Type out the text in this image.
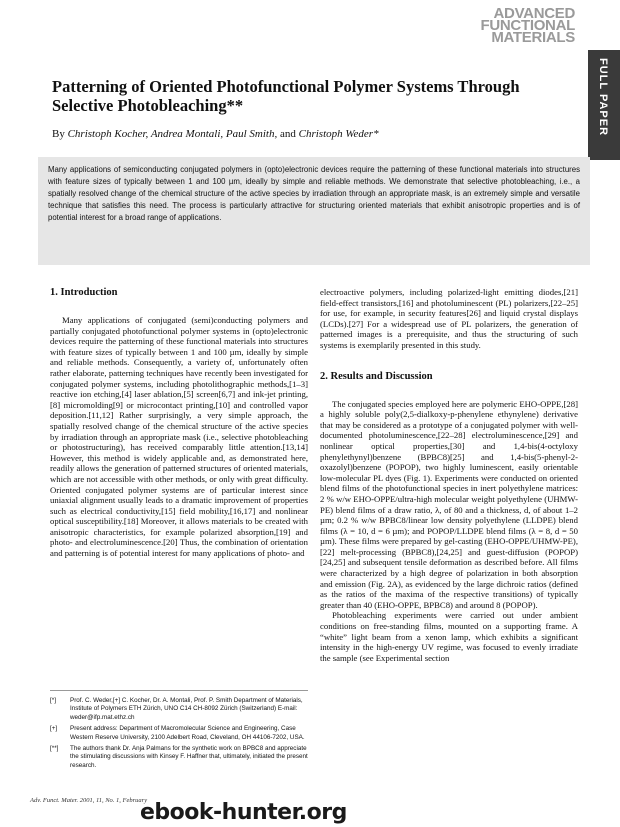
ADVANCED
FUNCTIONAL
MATERIALS
FULL PAPER
Patterning of Oriented Photofunctional Polymer Systems Through Selective Photobleaching**
By Christoph Kocher, Andrea Montali, Paul Smith, and Christoph Weder*

Many applications of semiconducting conjugated polymers in (opto)electronic devices require the patterning of these functional materials into structures with feature sizes of typically between 1 and 100 µm, ideally by simple and reliable methods. We demonstrate that selective photobleaching, i.e., a spatially resolved change of the chemical structure of the active species by irradiation through an appropriate mask, is an extremely simple and versatile technique that satisfies this need. The process is particularly attractive for structuring oriented materials that exhibit anisotropic properties and is of potential interest for a broad range of applications.

1. Introduction

Many applications of conjugated (semi)conducting polymers and partially conjugated photofunctional polymer systems in (opto)electronic devices require the patterning of these functional materials into structures with feature sizes of typically between 1 and 100 µm, ideally by simple and reliable methods. Consequently, a variety of, unfortunately often rather elaborate, patterning techniques have recently been investigated for conjugated polymer systems, including photolithographic methods,[1–3] reactive ion etching,[4] laser ablation,[5] screen[6,7] and ink-jet printing,[8] micromolding[9] or microcontact printing,[10] and controlled vapor deposition.[11,12] Rather surprisingly, a very simple approach, the spatially resolved change of the chemical structure of the active species by irradiation through an appropriate mask (i.e., selective photobleaching or photostructuring), has received comparably little attention.[13,14] However, this method is widely applicable and, as demonstrated here, readily allows the generation of patterned structures of oriented materials, which are not accessible with other methods, or only with great difficulty. Oriented conjugated polymer systems are of particular interest since uniaxial alignment usually leads to a dramatic improvement of properties such as electrical conductivity,[15] field mobility,[16,17] and nonlinear optical susceptibility.[18] Moreover, it allows materials to be created with anisotropic characteristics, for example polarized absorption,[19] and photo- and electroluminescence.[20] Thus, the combination of orientation and patterning is of potential interest for many applications of photo- and

electroactive polymers, including polarized-light emitting diodes,[21] field-effect transistors,[16] and photoluminescent (PL) polarizers,[22–25] for use, for example, in security features[26] and liquid crystal displays (LCDs).[27] For a widespread use of PL polarizers, the generation of patterned images is a prerequisite, and thus the structuring of such systems is exemplarily presented in this study.

2. Results and Discussion

The conjugated species employed here are polymeric EHO-OPPE,[28] a highly soluble poly(2,5-dialkoxy-p-phenylene ethynylene) derivative that may be considered as a prototype of a conjugated polymer with well-documented photoluminescence,[22–28] electroluminescence,[29] and nonlinear optical properties,[30] and 1,4-bis(4-octyloxy phenylethynyl)benzene (BPBC8)[25] and 1,4-bis(5-phenyl-2-oxazolyl)benzene (POPOP), two highly luminescent, easily orientable low-molecular PL dyes (Fig. 1). Experiments were conducted on oriented blend films of the photofunctional species in inert polyethylene matrices: 2 % w/w EHO-OPPE/ultra-high molecular weight polyethylene (UHMW-PE) blend films of a draw ratio, λ, of 80 and a thickness, d, of about 1–2 µm; 0.2 % w/w BPBC8/linear low density polyethylene (LLDPE) blend films (λ = 10, d = 6 µm); and POPOP/LLDPE blend films (λ = 8, d = 50 µm). These films were prepared by gel-casting (EHO-OPPE/UHMW-PE),[22] melt-processing (BPBC8),[24,25] and guest-diffusion (POPOP)[24,25] and subsequent tensile deformation as described before. All films were characterized by a high degree of polarization in both absorption and emission (Fig. 2A), as evidenced by the large dichroic ratios (defined as the ratios of the maxima of the respective transitions) of typically greater than 40 (EHO-OPPE, BPBC8) and around 8 (POPOP).

Photobleaching experiments were carried out under ambient conditions on free-standing films, mounted on a supporting frame. A “white” light beam from a xenon lamp, which exhibits a significant intensity in the high-energy UV regime, was focused to evenly irradiate the sample (see Experimental section

[*]	Prof. C. Weder,[+] C. Kocher, Dr. A. Montali, Prof. P. Smith Department of Materials, Institute of Polymers ETH Zürich, UNO C14 CH-8092 Zürich (Switzerland) E-mail: weder@ifp.mat.ethz.ch
[+]	Present address: Department of Macromolecular Science and Engineering, Case Western Reserve University, 2100 Adelbert Road, Cleveland, OH 44106-7202, USA.
[**]	The authors thank Dr. Anja Palmans for the synthetic work on BPBC8 and appreciate the stimulating discussions with Kinsey F. Haffner that, ultimately, initiated the present research.
Adv. Funct. Mater. 2001, 11, No. 1, February
ebook-hunter.org
